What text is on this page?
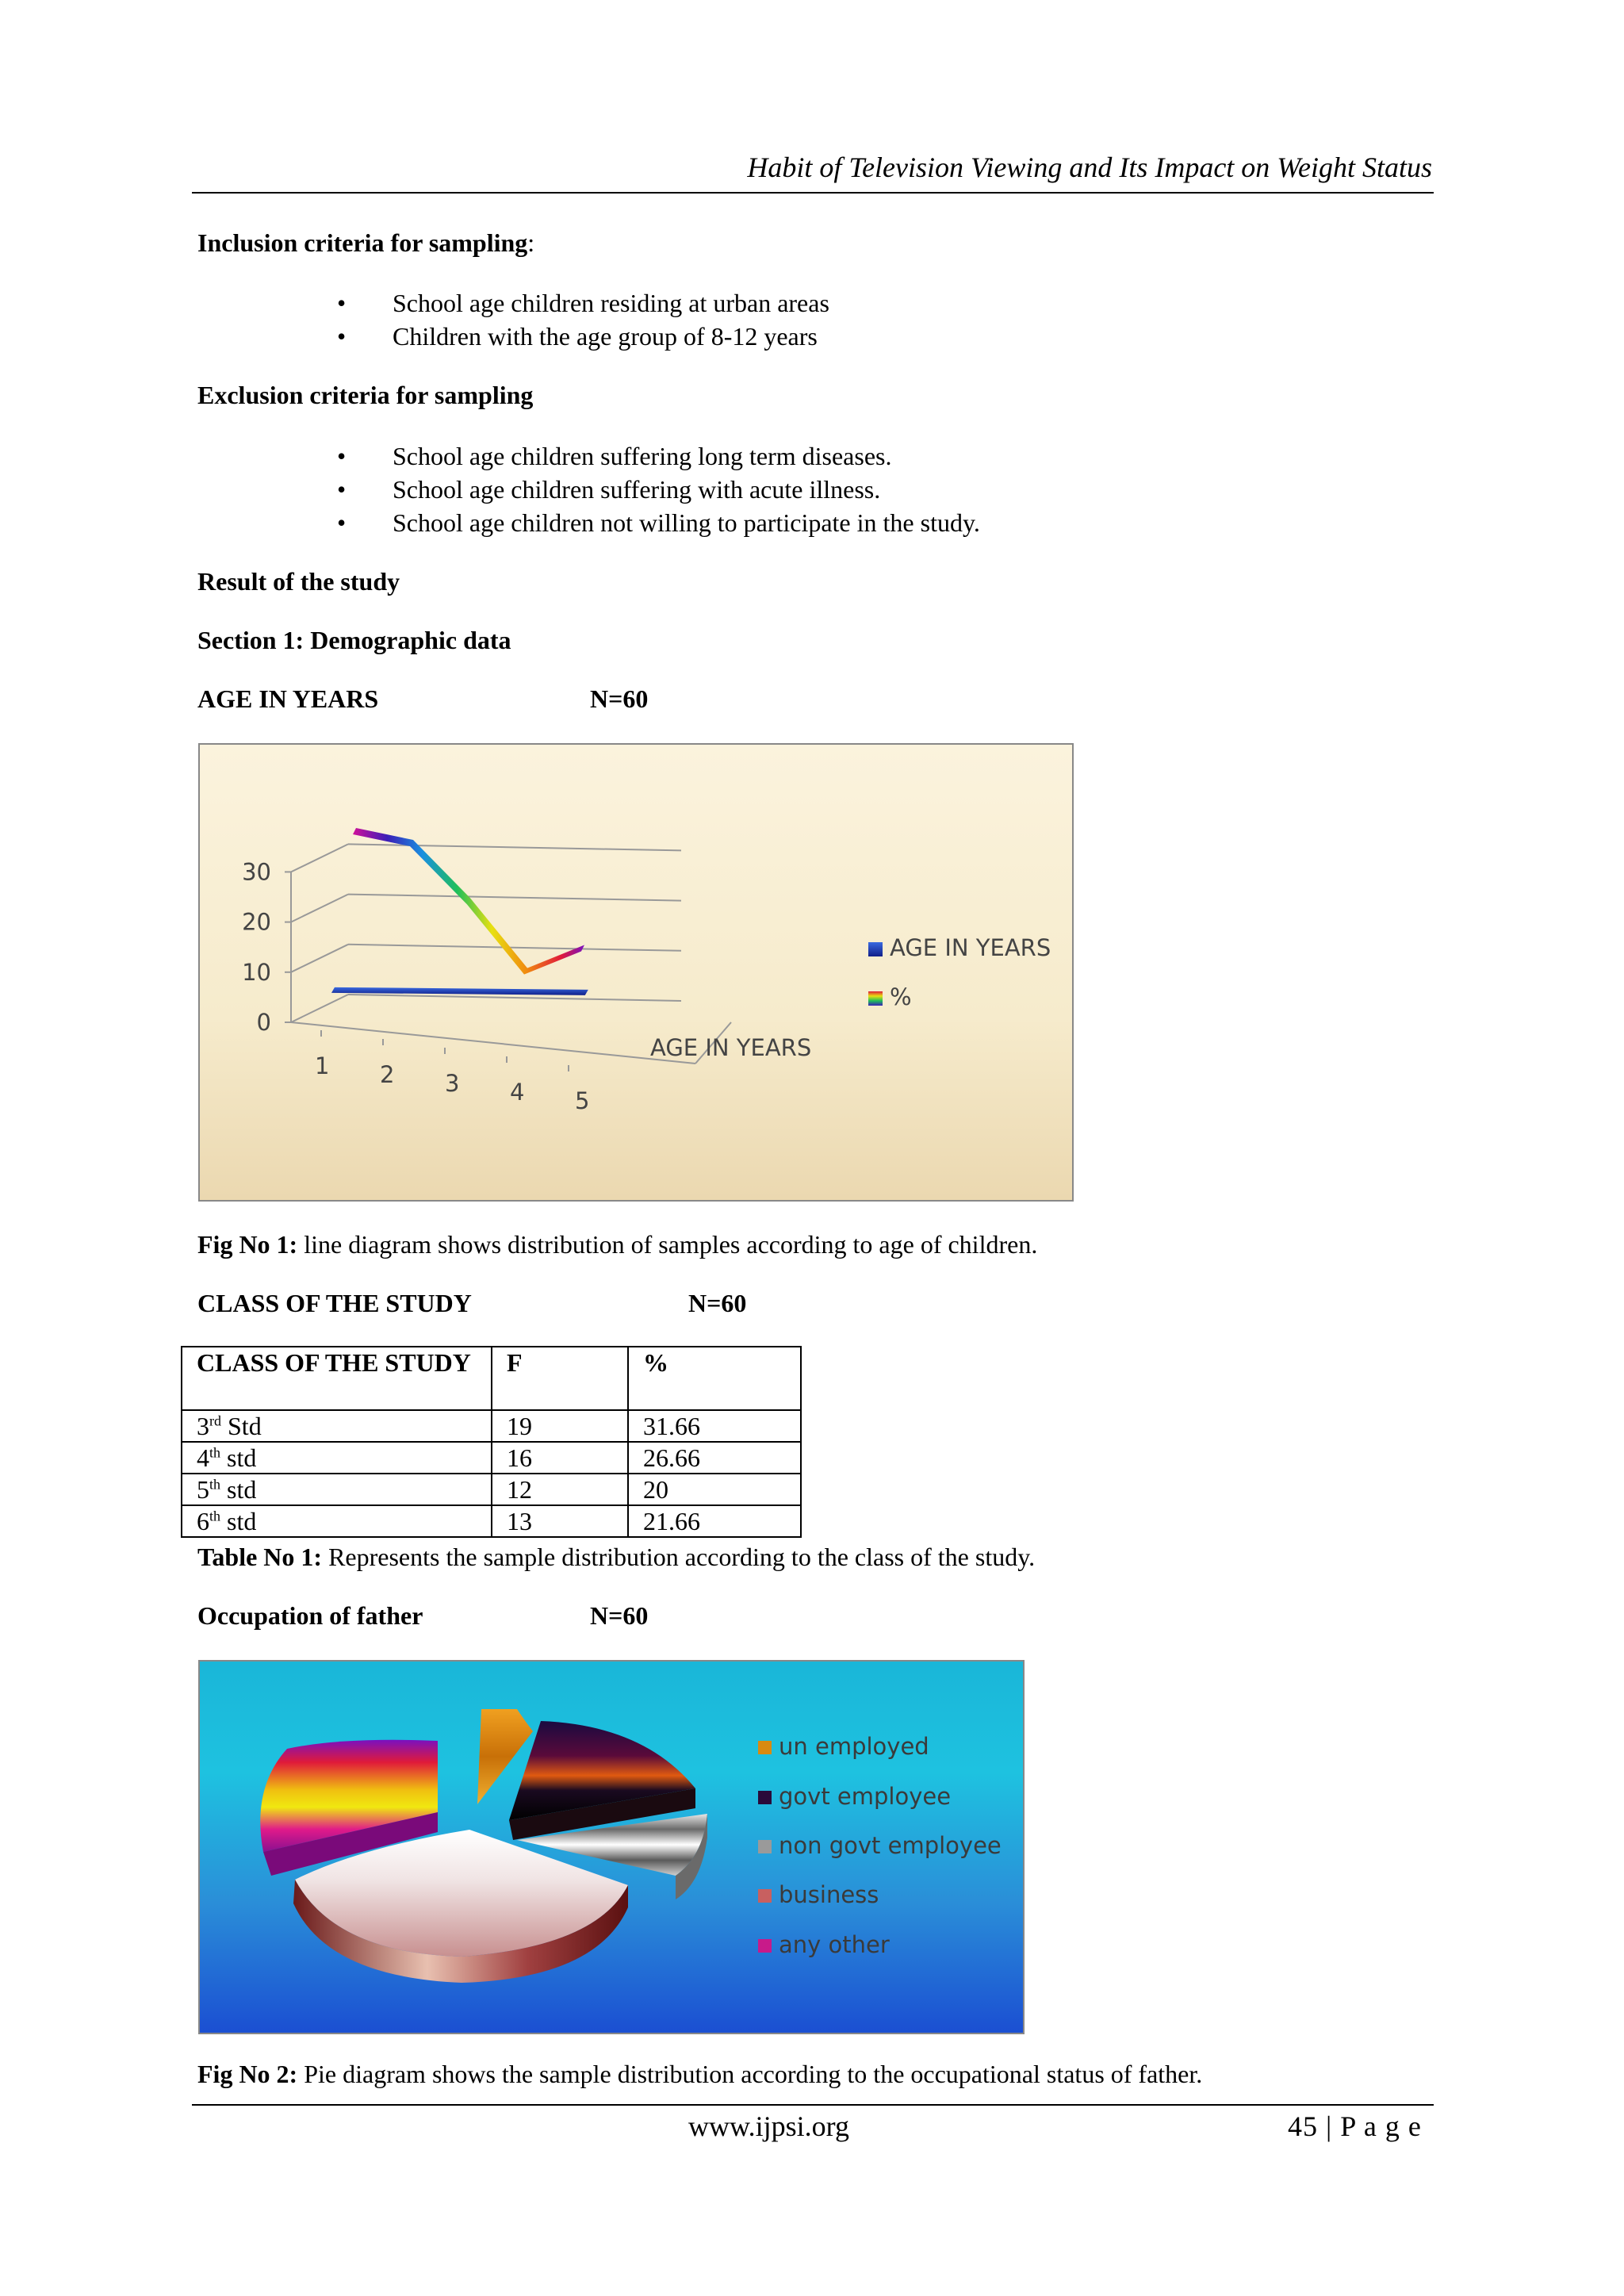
Habit of Television Viewing and Its Impact on Weight Status
Inclusion criteria for sampling:
• School age children residing at urban areas
• Children with the age group of 8-12 years
Exclusion criteria for sampling
• School age children suffering long term diseases.
• School age children suffering with acute illness.
• School age children not willing to participate in the study.
Result of the study
Section 1: Demographic data
AGE IN YEARS	N=60
0
10
20
30
1 2 3 4 5
AGE IN YEARS
AGE IN YEARS
%
Fig No 1: line diagram shows distribution of samples according to age of children.
CLASS OF THE STUDY	N=60
CLASS OF THE STUDY	F	%
3rd Std	19	31.66
4th std	16	26.66
5th std	12	20
6th std	13	21.66
Table No 1: Represents the sample distribution according to the class of the study.
Occupation of father	N=60
un employed
govt employee
non govt employee
business
any other
Fig No 2: Pie diagram shows the sample distribution according to the occupational status of father.
www.ijpsi.org	45 | P a g e
